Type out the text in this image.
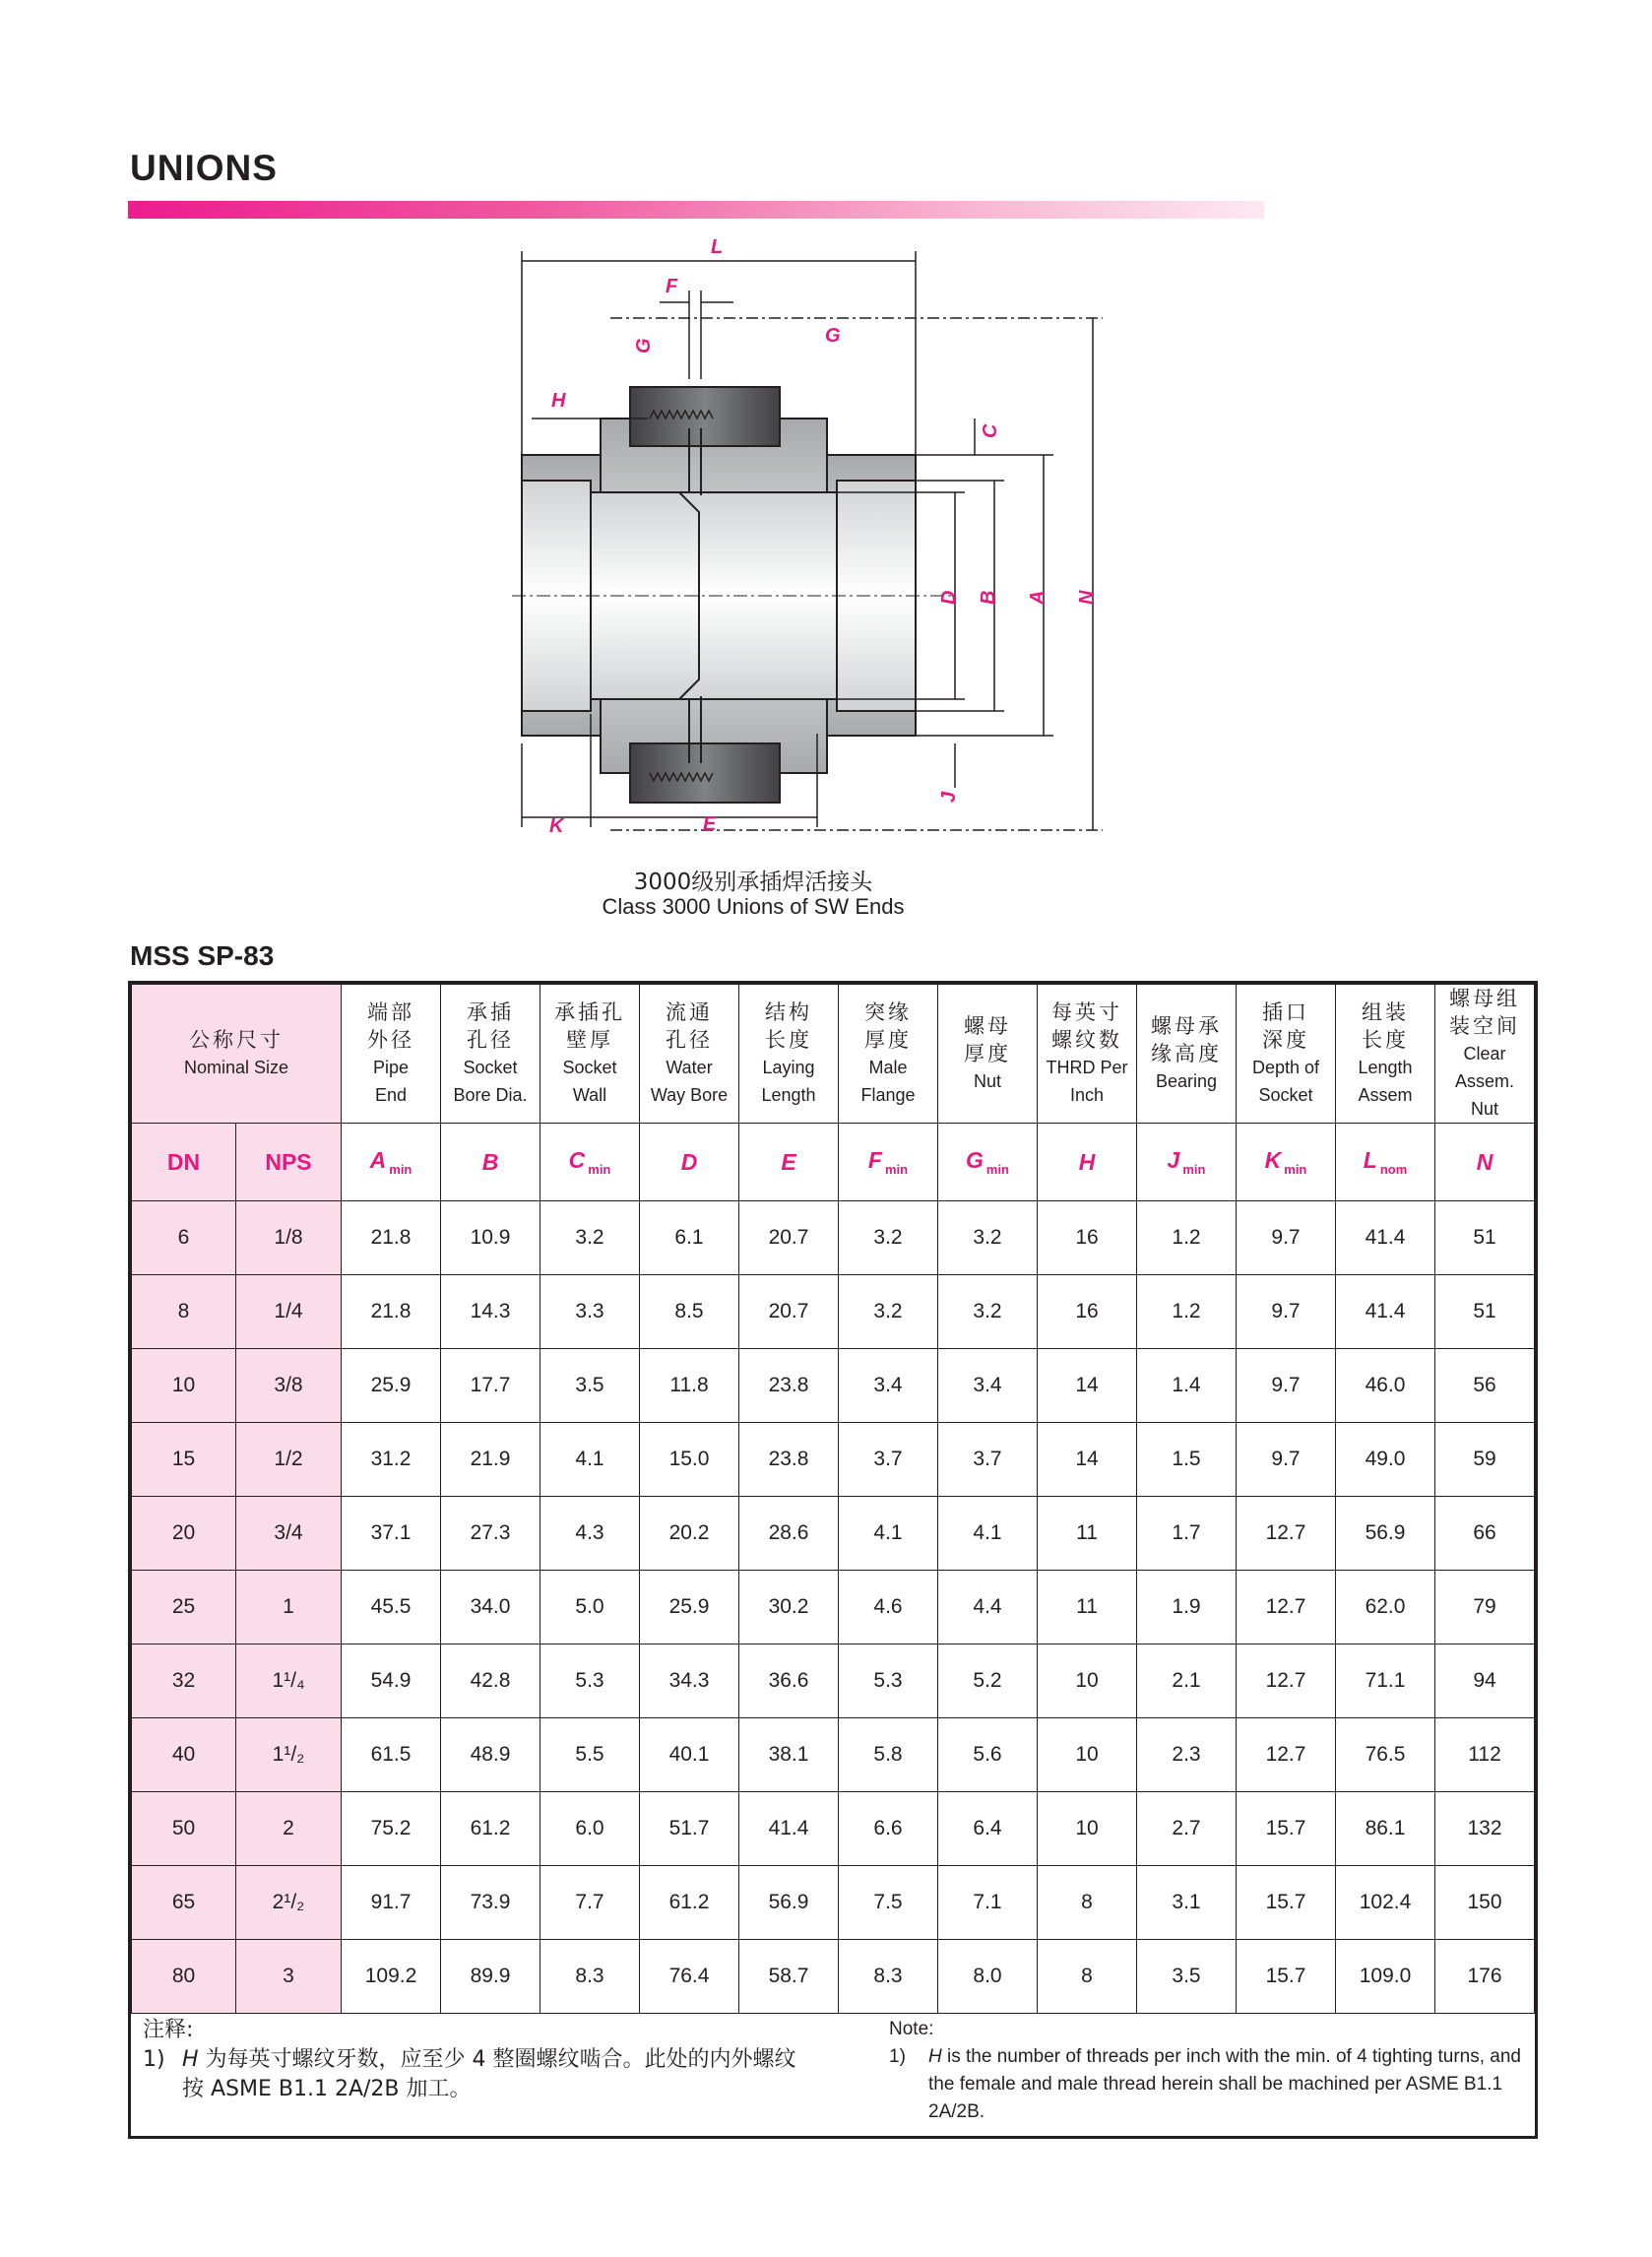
UNIONS
L
F
G	G
H
C
D B A N
J
K	E
3000级别承插焊活接头
Class 3000 Unions of SW Ends
MSS SP-83
公称尺寸
Nominal Size		端部
外径
Pipe
End	承插
孔径
Socket
Bore Dia.	承插孔
壁厚
Socket
Wall	流通
孔径
Water
Way Bore	结构
长度
Laying
Length	突缘
厚度
Male
Flange	螺母
厚度
Nut	每英寸
螺纹数
THRD Per
Inch	螺母承
缘高度
Bearing	插口
深度
Depth of
Socket	组装
长度
Length
Assem	螺母组
装空间
Clear Assem.
Nut

DN	NPS	A $_{min}$	B	C $_{min}$	D	E	F $_{min}$	G $_{min}$	H	J $_{min}$	K $_{min}$	L $_{nom}$	N
6	1/8	21.8	10.9	3.2	6.1	20.7	3.2	3.2	16	1.2	9.7	41.4	51
8	1/4	21.8	14.3	3.3	8.5	20.7	3.2	3.2	16	1.2	9.7	41.4	51
10	3/8	25.9	17.7	3.5	11.8	23.8	3.4	3.4	14	1.4	9.7	46.0	56
15	1/2	31.2	21.9	4.1	15.0	23.8	3.7	3.7	14	1.5	9.7	49.0	59
20	3/4	37.1	27.3	4.3	20.2	28.6	4.1	4.1	11	1.7	12.7	56.9	66
25	1	45.5	34.0	5.0	25.9	30.2	4.6	4.4	11	1.9	12.7	62.0	79
32	1¹/₄	54.9	42.8	5.3	34.3	36.6	5.3	5.2	10	2.1	12.7	71.1	94
40	1¹/₂	61.5	48.9	5.5	40.1	38.1	5.8	5.6	10	2.3	12.7	76.5	112
50	2	75.2	61.2	6.0	51.7	41.4	6.6	6.4	10	2.7	15.7	86.1	132
65	2¹/₂	91.7	73.9	7.7	61.2	56.9	7.5	7.1	8	3.1	15.7	102.4	150
80	3	109.2	89.9	8.3	76.4	58.7	8.3	8.0	8	3.5	15.7	109.0	176
注释:
1) H 为每英寸螺纹牙数，应至少 4 整圈螺纹啮合。此处的内外螺纹按 ASME B1.1 2A/2B 加工。
Note:
1)	H is the number of threads per inch with the min. of 4 tighting turns, and the female and male thread herein shall be machined per ASME B1.1 2A/2B.
